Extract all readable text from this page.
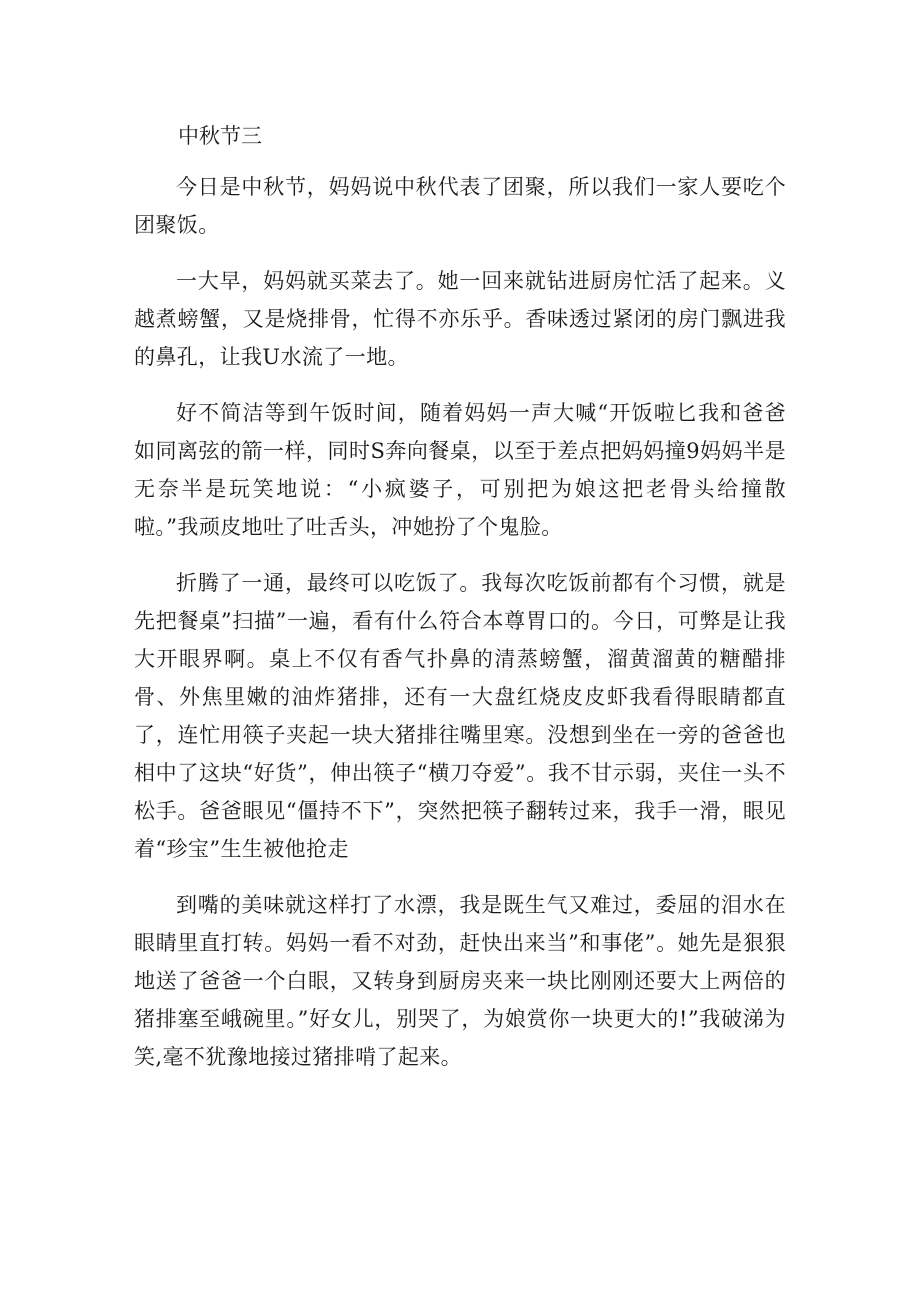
中秋节三

今日是中秋节，妈妈说中秋代表了团聚，所以我们一家人要吃个团聚饭。

一大早，妈妈就买菜去了。她一回来就钻进厨房忙活了起来。义越煮螃蟹，又是烧排骨，忙得不亦乐乎。香味透过紧闭的房门飘进我的鼻孔，让我U水流了一地。

好不简洁等到午饭时间，随着妈妈一声大喊“开饭啦匕我和爸爸如同离弦的箭一样，同时S奔向餐桌，以至于差点把妈妈撞9妈妈半是无奈半是玩笑地说：“小疯婆子，可别把为娘这把老骨头给撞散啦。”我顽皮地吐了吐舌头，冲她扮了个鬼脸。

折腾了一通，最终可以吃饭了。我每次吃饭前都有个习惯，就是先把餐桌”扫描”一遍，看有什么符合本尊胃口的。今日，可弊是让我大开眼界啊。桌上不仅有香气扑鼻的清蒸螃蟹，溜黄溜黄的糖醋排骨、外焦里嫩的油炸猪排，还有一大盘红烧皮皮虾我看得眼睛都直了，连忙用筷子夹起一块大猪排往嘴里寒。没想到坐在一旁的爸爸也相中了这块“好货”，伸出筷子“横刀夺爱”。我不甘示弱，夹住一头不松手。爸爸眼见“僵持不下”，突然把筷子翻转过来，我手一滑，眼见着“珍宝”生生被他抢走

到嘴的美味就这样打了水漂，我是既生气又难过，委屈的泪水在眼睛里直打转。妈妈一看不对劲，赶快出来当”和事佬”。她先是狠狠地送了爸爸一个白眼，又转身到厨房夹来一块比刚刚还要大上两倍的猪排塞至峨碗里。”好女儿，别哭了，为娘赏你一块更大的!”我破涕为笑,毫不犹豫地接过猪排啃了起来。
